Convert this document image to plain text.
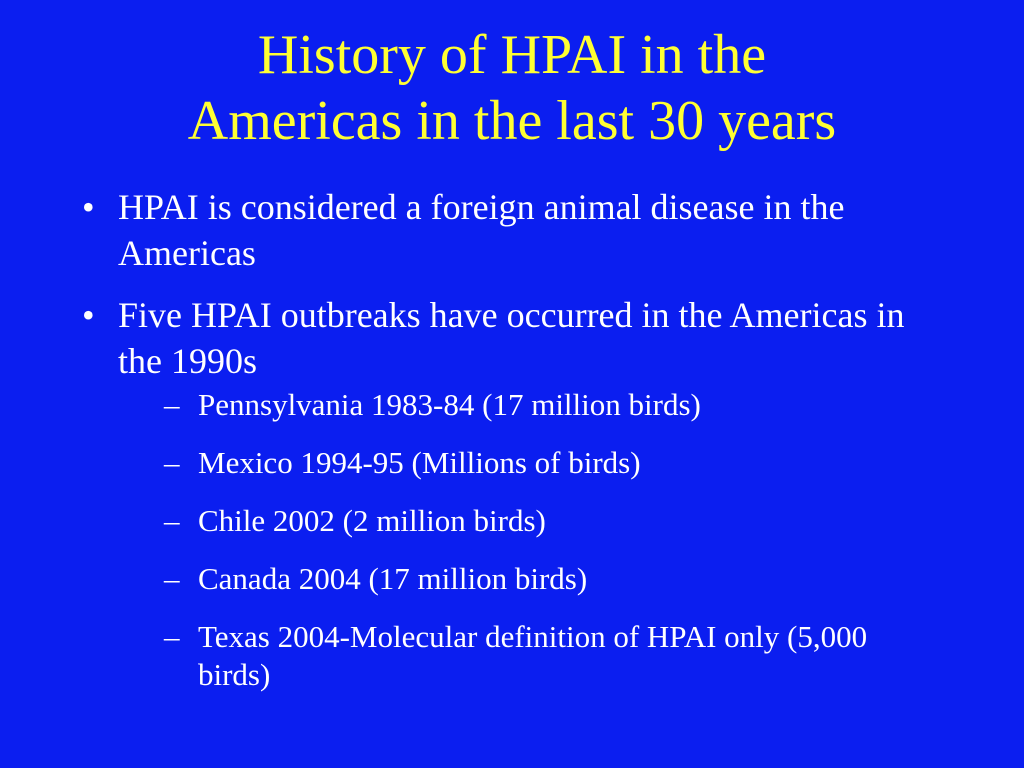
History of HPAI in the
Americas in the last 30 years
• HPAI is considered a foreign animal disease in the Americas
• Five HPAI outbreaks have occurred in the Americas in the 1990s
– Pennsylvania 1983-84 (17 million birds)
– Mexico 1994-95 (Millions of birds)
– Chile 2002 (2 million birds)
– Canada 2004 (17 million birds)
– Texas 2004-Molecular definition of HPAI only (5,000 birds)
